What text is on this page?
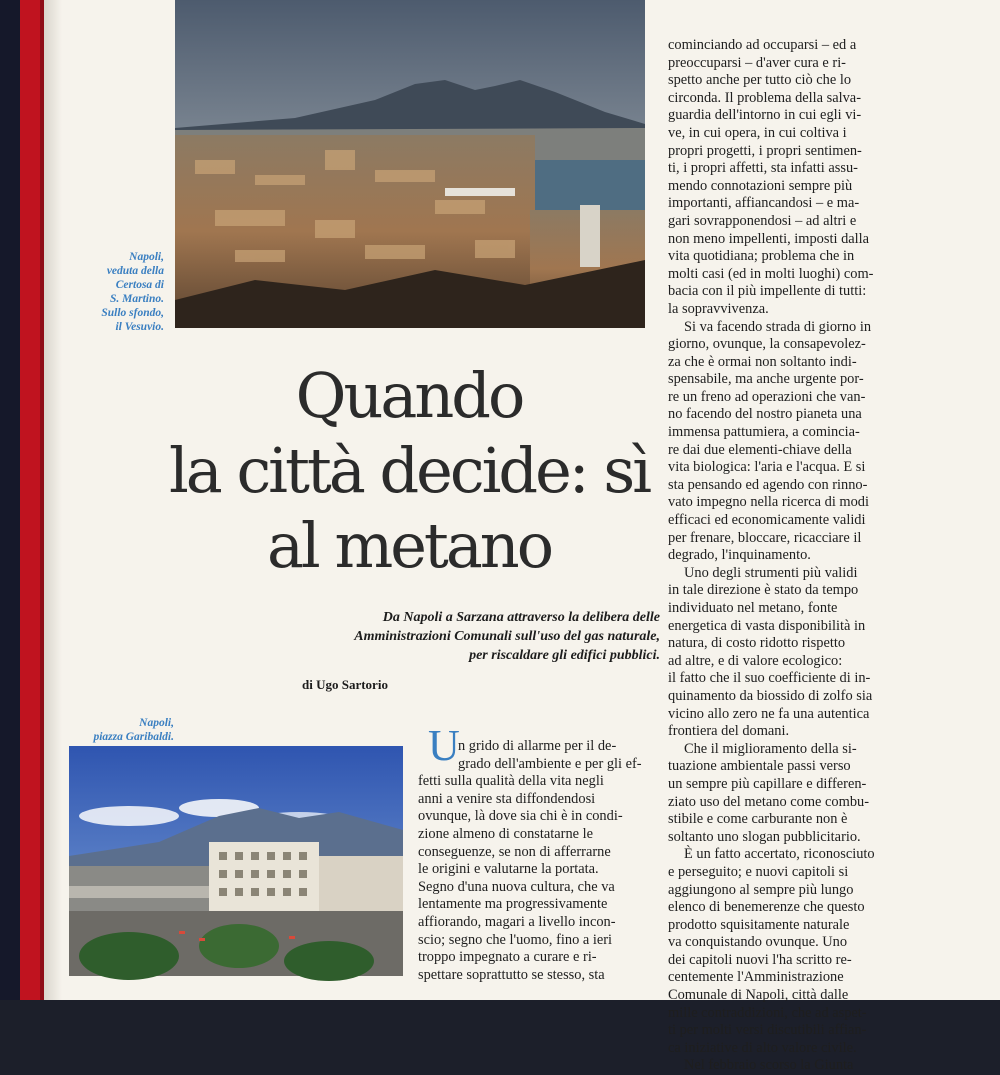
Napoli,
veduta della
Certosa di
S. Martino.
Sullo sfondo,
il Vesuvio.
Quando
la città decide: sì
al metano
Da Napoli a Sarzana attraverso la delibera delle
Amministrazioni Comunali sull'uso del gas naturale,
per riscaldare gli edifici pubblici.
di Ugo Sartorio
Napoli,
piazza Garibaldi.	U
n grido di allarme per il de-
grado dell'ambiente e per gli ef-
fetti sulla qualità della vita negli
anni a venire sta diffondendosi
ovunque, là dove sia chi è in condi-
zione almeno di constatarne le
conseguenze, se non di afferrarne
le origini e valutarne la portata.
Segno d'una nuova cultura, che va
lentamente ma progressivamente
affiorando, magari a livello incon-
scio; segno che l'uomo, fino a ieri
troppo impegnato a curare e ri-
spettare soprattutto se stesso, sta
cominciando ad occuparsi – ed a
preoccuparsi – d'aver cura e ri-
spetto anche per tutto ciò che lo
circonda. Il problema della salva-
guardia dell'intorno in cui egli vi-
ve, in cui opera, in cui coltiva i
propri progetti, i propri sentimen-
ti, i propri affetti, sta infatti assu-
mendo connotazioni sempre più
importanti, affiancandosi – e ma-
gari sovrapponendosi – ad altri e
non meno impellenti, imposti dalla
vita quotidiana; problema che in
molti casi (ed in molti luoghi) com-
bacia con il più impellente di tutti:
la sopravvivenza.
Si va facendo strada di giorno in
giorno, ovunque, la consapevolez-
za che è ormai non soltanto indi-
spensabile, ma anche urgente por-
re un freno ad operazioni che van-
no facendo del nostro pianeta una
immensa pattumiera, a comincia-
re dai due elementi-chiave della
vita biologica: l'aria e l'acqua. E si
sta pensando ed agendo con rinno-
vato impegno nella ricerca di modi
efficaci ed economicamente validi
per frenare, bloccare, ricacciare il
degrado, l'inquinamento.
Uno degli strumenti più validi
in tale direzione è stato da tempo
individuato nel metano, fonte
energetica di vasta disponibilità in
natura, di costo ridotto rispetto
ad altre, e di valore ecologico:
il fatto che il suo coefficiente di in-
quinamento da biossido di zolfo sia
vicino allo zero ne fa una autentica
frontiera del domani.
Che il miglioramento della si-
tuazione ambientale passi verso
un sempre più capillare e differen-
ziato uso del metano come combu-
stibile e come carburante non è
soltanto uno slogan pubblicitario.
È un fatto accertato, riconosciuto
e perseguito; e nuovi capitoli si
aggiungono al sempre più lungo
elenco di benemerenze che questo
prodotto squisitamente naturale
va conquistando ovunque. Uno
dei capitoli nuovi l'ha scritto re-
centemente l'Amministrazione
Comunale di Napoli, città dalle
mille contraddizioni, che ad aspet-
ti per molti versi discutibili affian-
ca iniziative di alto valore civile.
Nel febbraio scorso la Giunta
